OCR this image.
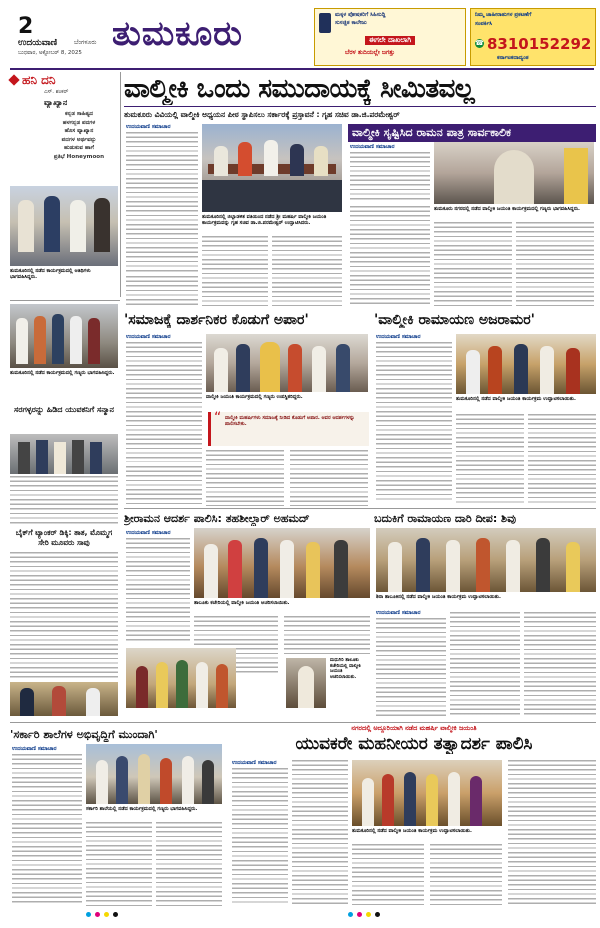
2
ಉದಯವಾಣಿ	ಬೆಂಗಳೂರು
ಬುಧವಾರ, ಅಕ್ಟೋಬರ್ 8, 2025 ತುಮಕೂರು	ಮಕ್ಕಳ ಪೋಷಕರಿಗೆ ಸಿಹಿಸುದ್ದಿ
ಸುಸಜ್ಜಿತ ಕಾಲೇಜು
ಈಗಲೇ ದಾಖಲಾಗಿ
ಬೆರಳ ತುದಿಯಲ್ಲೇ ಜಗತ್ತು
ನಿಮ್ಮ ಜಾಹೀರಾತುಗಳ ಪ್ರಕಟಣೆಗೆ
ಸಂಪರ್ಕಿಸಿ
☎ 8310152292
ಕರ್ನಾಟಕದಾದ್ಯಂತ
ಹನಿ ದನಿ
ಎಸ್. ಶಂಕರ್
ವ್ಯಾಖ್ಯಾನ
ಕನ್ನಡ ಸಾಹಿತ್ಯದ
ಹಳಗನ್ನಡ ಪದಗಳ
ಹೊಸ ವ್ಯಾಖ್ಯಾನ
ಪದಗಳ ಅರ್ಥವನ್ನು
ಹುಡುಕುವ ಹಾಗೆ
ಪ್ರತಿಭೆ Honeymoon
ತುಮಕೂರಿನಲ್ಲಿ ನಡೆದ ಕಾರ್ಯಕ್ರಮದಲ್ಲಿ ಅತಿಥಿಗಳು ಭಾಗವಹಿಸಿದ್ದರು.
ವಾಲ್ಮೀಕಿ ಒಂದು ಸಮುದಾಯಕ್ಕೆ ಸೀಮಿತವಲ್ಲ
ತುಮಕೂರು ವಿವಿಯಲ್ಲಿ ವಾಲ್ಮೀಕಿ ಅಧ್ಯಯನ ಪೀಠ ಸ್ಥಾಪಿಸಲು ಸರ್ಕಾರಕ್ಕೆ ಪ್ರಸ್ತಾವನೆ : ಗೃಹ ಸಚಿವ ಡಾ.ಜಿ.ಪರಮೇಶ್ವರ್
ಉದಯವಾಣಿ ಸಮಾಚಾರ
ತುಮಕೂರಿನಲ್ಲಿ ಜಿಲ್ಲಾಡಳಿತ ವತಿಯಿಂದ ನಡೆದ ಶ್ರೀ ಮಹರ್ಷಿ ವಾಲ್ಮೀಕಿ ಜಯಂತಿ ಕಾರ್ಯಕ್ರಮವನ್ನು ಗೃಹ ಸಚಿವ ಡಾ.ಜಿ.ಪರಮೇಶ್ವರ್ ಉದ್ಘಾಟಿಸಿದರು.
ವಾಲ್ಮೀಕಿ ಸೃಷ್ಟಿಸಿದ ರಾಮನ ಪಾತ್ರ ಸಾರ್ವಕಾಲಿಕ
ಉದಯವಾಣಿ ಸಮಾಚಾರ
ತುಮಕೂರು ನಗರದಲ್ಲಿ ನಡೆದ ವಾಲ್ಮೀಕಿ ಜಯಂತಿ ಕಾರ್ಯಕ್ರಮದಲ್ಲಿ ಗಣ್ಯರು ಭಾಗವಹಿಸಿದ್ದರು.
ತುಮಕೂರಿನಲ್ಲಿ ನಡೆದ ಕಾರ್ಯಕ್ರಮದಲ್ಲಿ ಗಣ್ಯರು ಭಾಗವಹಿಸಿದ್ದರು.
ಸರಗಳ್ಳರನ್ನು ಹಿಡಿದ ಯುವಕನಿಗೆ ಸನ್ಮಾನ
ಬೈಕ್‌ಗೆ ಟ್ಯಾಂಕರ್ ಡಿಕ್ಕಿ: ತಾತ, ಮೊಮ್ಮಗ ಸೇರಿ ಮೂವರು ಸಾವು
'ಸಮಾಜಕ್ಕೆ ದಾರ್ಶನಿಕರ ಕೊಡುಗೆ ಅಪಾರ'
ಉದಯವಾಣಿ ಸಮಾಚಾರ
ವಾಲ್ಮೀಕಿ ಜಯಂತಿ ಕಾರ್ಯಕ್ರಮದಲ್ಲಿ ಗಣ್ಯರು ಉಪಸ್ಥಿತರಿದ್ದರು.
“ ವಾಲ್ಮೀಕಿ ಮಹರ್ಷಿಗಳು ಸಮಾಜಕ್ಕೆ ನೀಡಿದ ಕೊಡುಗೆ ಅಪಾರ. ಅವರ ಆದರ್ಶಗಳನ್ನು ಪಾಲಿಸಬೇಕು.
'ವಾಲ್ಮೀಕಿ ರಾಮಾಯಣ ಅಜರಾಮರ'
ಉದಯವಾಣಿ ಸಮಾಚಾರ
ತುಮಕೂರಿನಲ್ಲಿ ನಡೆದ ವಾಲ್ಮೀಕಿ ಜಯಂತಿ ಕಾರ್ಯಕ್ರಮ ಉದ್ಘಾಟಿಸಲಾಯಿತು.
ಶ್ರೀರಾಮನ ಆದರ್ಶ ಪಾಲಿಸಿ: ತಹಶೀಲ್ದಾರ್ ಅಹಮದ್
ಉದಯವಾಣಿ ಸಮಾಚಾರ
ತಾಲೂಕು ಕಚೇರಿಯಲ್ಲಿ ವಾಲ್ಮೀಕಿ ಜಯಂತಿ ಆಚರಿಸಲಾಯಿತು.
ಮಧುಗಿರಿ ತಾಲೂಕು ಕಚೇರಿಯಲ್ಲಿ ವಾಲ್ಮೀಕಿ ಜಯಂತಿ ಆಚರಿಸಲಾಯಿತು.
ಬದುಕಿಗೆ ರಾಮಾಯಣ ದಾರಿ ದೀಪ: ಶಿವು
ಶಿರಾ ತಾಲೂಕಿನಲ್ಲಿ ನಡೆದ ವಾಲ್ಮೀಕಿ ಜಯಂತಿ ಕಾರ್ಯಕ್ರಮ ಉದ್ಘಾಟಿಸಲಾಯಿತು.
ಉದಯವಾಣಿ ಸಮಾಚಾರ
'ಸರ್ಕಾರಿ ಶಾಲೆಗಳ ಅಭಿವೃದ್ಧಿಗೆ ಮುಂದಾಗಿ'
ಉದಯವಾಣಿ ಸಮಾಚಾರ
ಸರ್ಕಾರಿ ಶಾಲೆಯಲ್ಲಿ ನಡೆದ ಕಾರ್ಯಕ್ರಮದಲ್ಲಿ ಗಣ್ಯರು ಭಾಗವಹಿಸಿದ್ದರು.
ನಗರದಲ್ಲಿ ಅದ್ದೂರಿಯಾಗಿ ನಡೆದ ಮಹರ್ಷಿ ವಾಲ್ಮೀಕಿ ಜಯಂತಿ
ಯುವಕರೇ ಮಹನೀಯರ ತತ್ವಾದರ್ಶ ಪಾಲಿಸಿ
ಉದಯವಾಣಿ ಸಮಾಚಾರ
ತುಮಕೂರಿನಲ್ಲಿ ನಡೆದ ವಾಲ್ಮೀಕಿ ಜಯಂತಿ ಕಾರ್ಯಕ್ರಮ ಉದ್ಘಾಟಿಸಲಾಯಿತು.
